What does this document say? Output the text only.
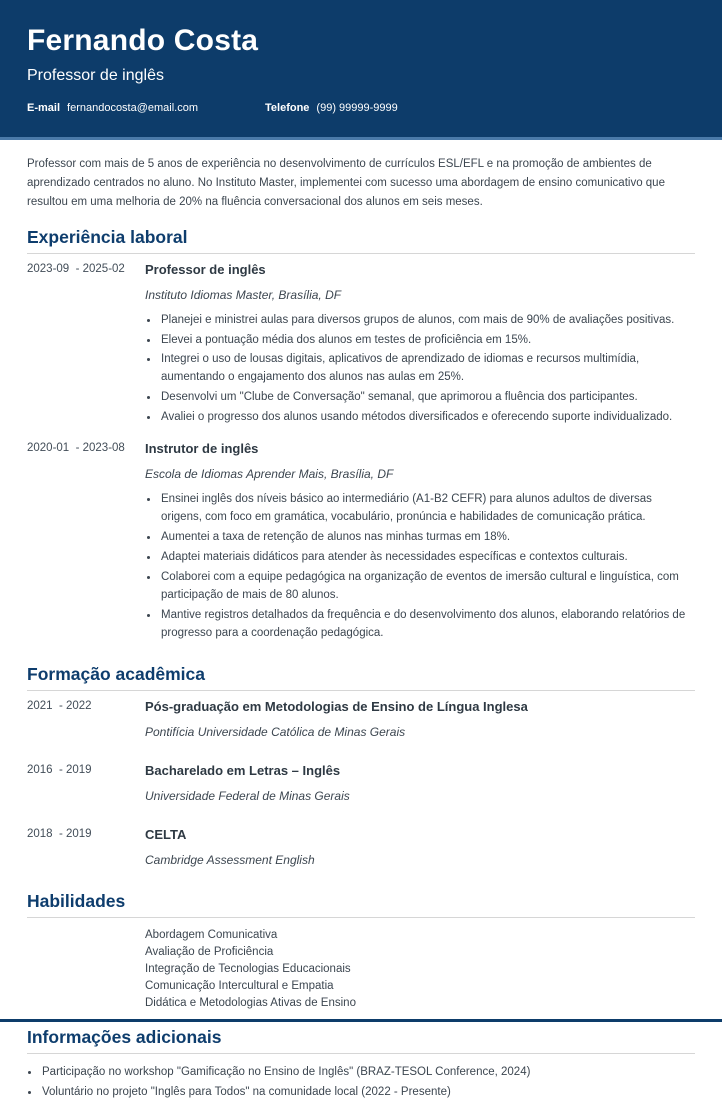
Fernando Costa
Professor de inglês
E-mail fernandocosta@email.com	Telefone (99) 99999-9999

Professor com mais de 5 anos de experiência no desenvolvimento de currículos ESL/EFL e na promoção de ambientes de aprendizado centrados no aluno. No Instituto Master, implementei com sucesso uma abordagem de ensino comunicativo que resultou em uma melhoria de 20% na fluência conversacional dos alunos em seis meses.

Experiência laboral
2023-09  - 2025-02	Professor de inglês
Instituto Idiomas Master, Brasília, DF
• Planejei e ministrei aulas para diversos grupos de alunos, com mais de 90% de avaliações positivas.
• Elevei a pontuação média dos alunos em testes de proficiência em 15%.
• Integrei o uso de lousas digitais, aplicativos de aprendizado de idiomas e recursos multimídia, aumentando o engajamento dos alunos nas aulas em 25%.
• Desenvolvi um "Clube de Conversação" semanal, que aprimorou a fluência dos participantes.
• Avaliei o progresso dos alunos usando métodos diversificados e oferecendo suporte individualizado.
2020-01  - 2023-08	Instrutor de inglês
Escola de Idiomas Aprender Mais, Brasília, DF
• Ensinei inglês dos níveis básico ao intermediário (A1-B2 CEFR) para alunos adultos de diversas origens, com foco em gramática, vocabulário, pronúncia e habilidades de comunicação prática.
• Aumentei a taxa de retenção de alunos nas minhas turmas em 18%.
• Adaptei materiais didáticos para atender às necessidades específicas e contextos culturais.
• Colaborei com a equipe pedagógica na organização de eventos de imersão cultural e linguística, com participação de mais de 80 alunos.
• Mantive registros detalhados da frequência e do desenvolvimento dos alunos, elaborando relatórios de progresso para a coordenação pedagógica.
Formação acadêmica
2021  - 2022	Pós-graduação em Metodologias de Ensino de Língua Inglesa
Pontifícia Universidade Católica de Minas Gerais
2016  - 2019	Bacharelado em Letras – Inglês
Universidade Federal de Minas Gerais
2018  - 2019	CELTA
Cambridge Assessment English
Habilidades
Abordagem Comunicativa
Avaliação de Proficiência
Integração de Tecnologias Educacionais
Comunicação Intercultural e Empatia
Didática e Metodologias Ativas de Ensino
Informações adicionais
• Participação no workshop "Gamificação no Ensino de Inglês" (BRAZ-TESOL Conference, 2024)
• Voluntário no projeto "Inglês para Todos" na comunidade local (2022 - Presente)
